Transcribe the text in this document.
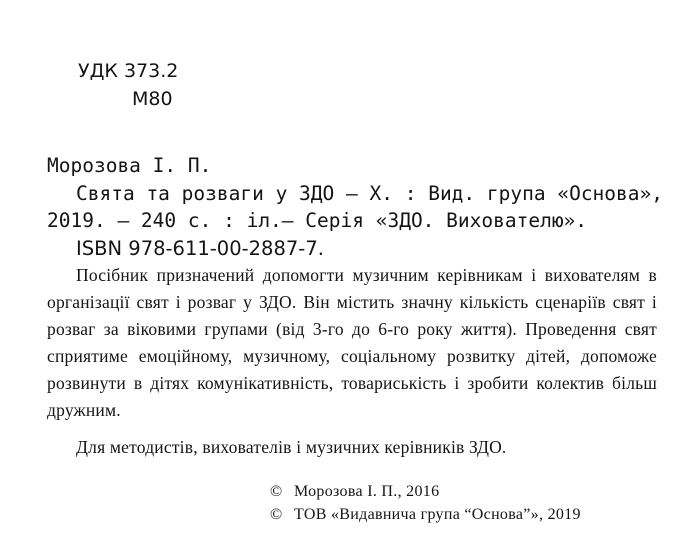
УДК 373.2
М80
Морозова І. П.
Свята та розваги у ЗДО — Х. : Вид. група «Основа»,
2019. — 240 с. : іл.— Серія «ЗДО. Вихователю».
ISBN 978-611-00-2887-7.

Посібник призначений допомогти музичним керівникам і вихователям в організації свят і розваг у ЗДО. Він містить значну кількість сценаріїв свят і розваг за віковими групами (від 3-го до 6-го року життя). Проведення свят сприятиме емоційному, музичному, соціальному розвитку дітей, допоможе розвинути в дітях комунікативність, товариськість і зробити колектив більш дружним.

Для методистів, вихователів і музичних керівників ЗДО.
© Морозова І. П., 2016
© ТОВ «Видавнича група “Основа”», 2019
